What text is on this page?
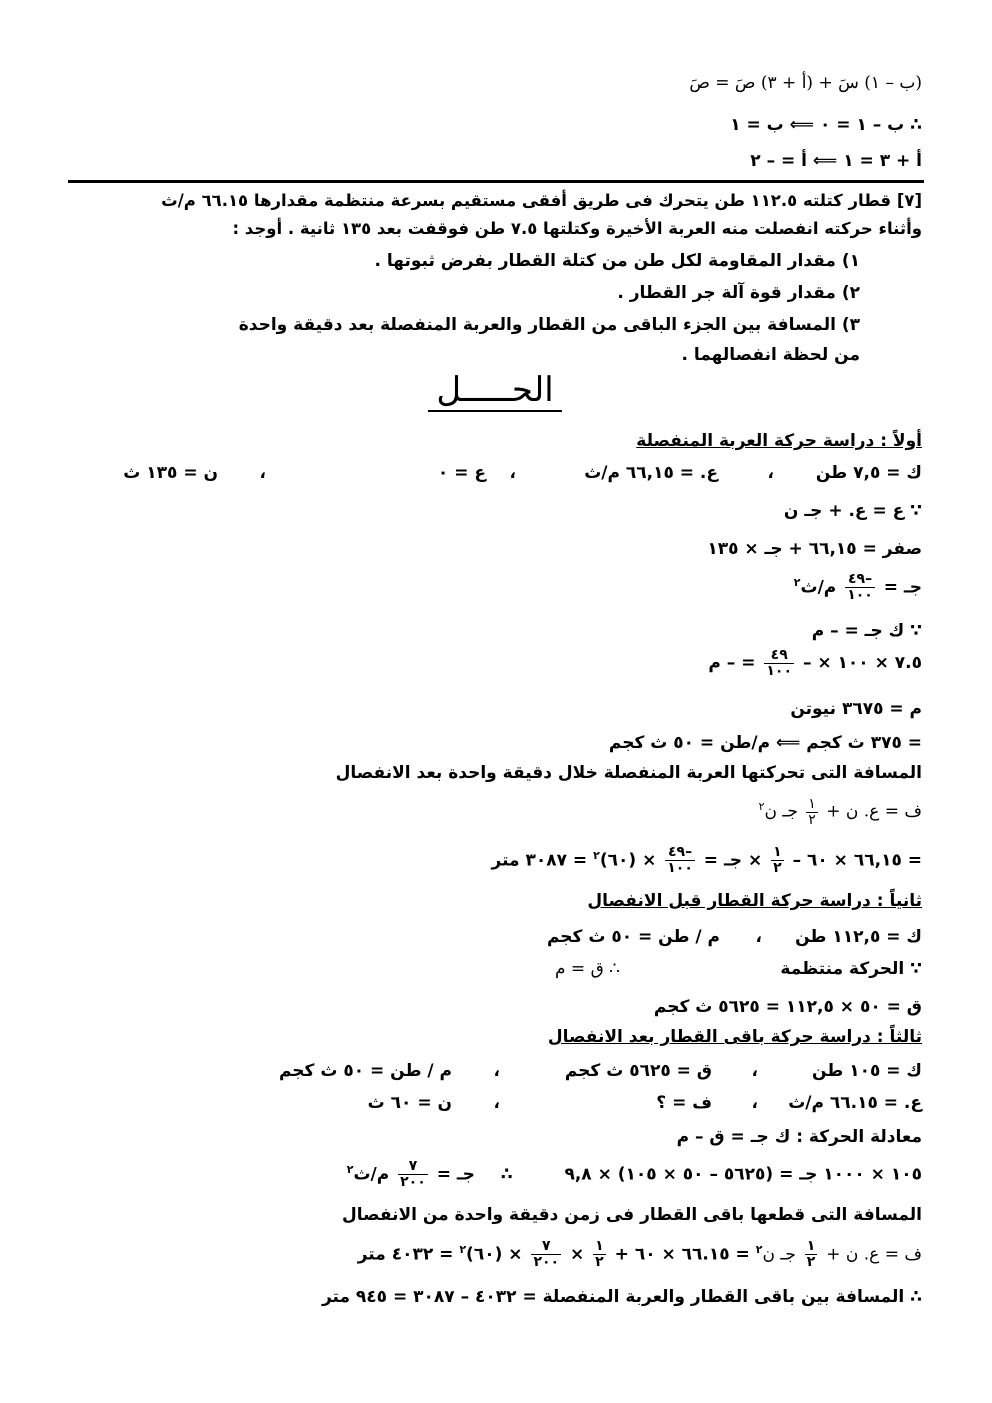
(ب – ١) سَ + (أ + ٣) صَ = صَ
∴ ب – ١ = ٠ ⟸ ب = ١
أ + ٣ = ١ ⟸ أ = – ٢
[٧] قطار كتلته ١١٢.٥ طن يتحرك فى طريق أفقى مستقيم بسرعة منتظمة مقدارها ٦٦.١٥ م/ث
وأثناء حركته انفصلت منه العربة الأخيرة وكتلتها ٧.٥ طن فوقفت بعد ١٣٥ ثانية . أوجد :
١) مقدار المقاومة لكل طن من كتلة القطار بفرض ثبوتها .
٢) مقدار قوة آلة جر القطار .
٣) المسافة بين الجزء الباقى من القطار والعربة المنفصلة بعد دقيقة واحدة
من لحظة انفصالهما .
الحـــــل
أولاً : دراسة حركة العربة المنفصلة
ك = ٧,٥ طن
،
ع. = ٦٦,١٥ م/ث
،
ع = ٠
،
ن = ١٣٥ ث
∵ ع = ع. + جـ ن
صفر = ٦٦,١٥ + جـ × ١٣٥
جـ =
$\frac{-٤٩}{١٠٠}$
م/ث$^٢$
∵ ك جـ = – م
٧.٥ × ١٠٠ × –
$\frac{٤٩}{١٠٠}$
= – م
م = ٣٦٧٥ نيوتن
= ٣٧٥ ث كجم ⟸ م/طن = ٥٠ ث كجم
المسافة التى تحركتها العربة المنفصلة خلال دقيقة واحدة بعد الانفصال
ف = ع. ن +
$\frac{١}{٢}$
جـ ن$^٢$
= ٦٦,١٥ × ٦٠ –
$\frac{١}{٢}$
× جـ =
$\frac{-٤٩}{١٠٠}$
× (٦٠)$^٢$ = ٣٠٨٧ متر
ثانياً : دراسة حركة القطار قبل الانفصال
ك = ١١٢,٥ طن
،
م / طن = ٥٠ ث كجم
∵ الحركة منتظمة
∴ ق = م
ق = ٥٠ × ١١٢,٥ = ٥٦٢٥ ث كجم
ثالثاً : دراسة حركة باقى القطار بعد الانفصال
ك = ١٠٥ طن
،
ق = ٥٦٢٥ ث كجم
،
م / طن = ٥٠ ث كجم
ع. = ٦٦.١٥ م/ث
،
ف = ؟
،
ن = ٦٠ ث
معادلة الحركة : ك جـ = ق – م
١٠٥ × ١٠٠٠ جـ = (٥٦٢٥ – ٥٠ × ١٠٥) × ٩,٨  ∴  جـ =
$\frac{٧}{٢٠٠}$
م/ث$^٢$
المسافة التى قطعها باقى القطار فى زمن دقيقة واحدة من الانفصال
ف = ع. ن +
$\frac{١}{٢}$
جـ ن$^٢$ = ٦٦.١٥ × ٦٠ +
$\frac{١}{٢}$
×
$\frac{٧}{٢٠٠}$
× (٦٠)$^٢$ = ٤٠٣٢ متر
∴ المسافة بين باقى القطار والعربة المنفصلة = ٤٠٣٢ – ٣٠٨٧ = ٩٤٥ متر
